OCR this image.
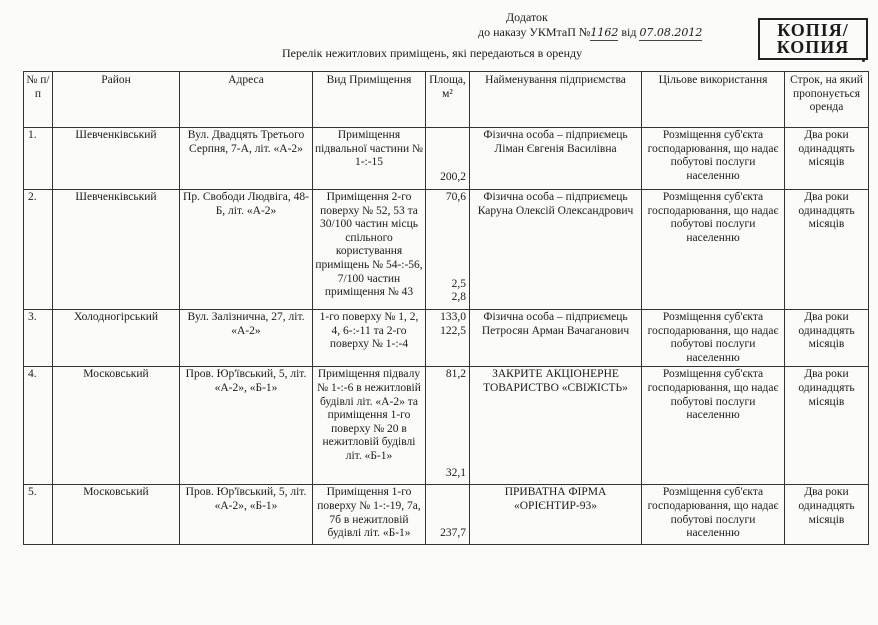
Додаток
до наказу УКМтаП №1162 від 07.08.2012	КОПІЯ/
КОПИЯ
Перелік нежитлових приміщень, які передаються в оренду
№ п/п	Район	Адреса	Вид Приміщення	Площа, м²	Найменування підприємства	Цільове використання	Строк, на який пропонується оренда
1.	Шевченківський	Вул. Двадцять Третього Серпня, 7-А, літ. «А-2»	Приміщення підвальної частини № 1-:-15	200,2	Фізична особа – підприємець Ліман Євгенія Василівна	Розміщення суб'єкта господарювання, що надає побутові послуги населенню	Два роки одинадцять місяців
2.	Шевченківський	Пр. Свободи Людвіга, 48-Б, літ. «А-2»	Приміщення 2-го поверху № 52, 53 та 30/100 частин місць спільного користування приміщень № 54-:-56, 7/100 частин приміщення № 43	70,6
2,5
2,8	Фізична особа – підприємець Каруна Олексій Олександрович	Розміщення суб'єкта господарювання, що надає побутові послуги населенню	Два роки одинадцять місяців
3.	Холодногірський	Вул. Залізнична, 27, літ. «А-2»	1-го поверху № 1, 2, 4, 6-:-11 та 2-го поверху № 1-:-4	133,0
122,5	Фізична особа – підприємець Петросян Арман Вачаганович	Розміщення суб'єкта господарювання, що надає побутові послуги населенню	Два роки одинадцять місяців
4.	Московський	Пров. Юр'ївський, 5, літ. «А-2», «Б-1»	Приміщення підвалу № 1-:-6 в нежитловій будівлі літ. «А-2» та приміщення 1-го поверху № 20 в нежитловій будівлі літ. «Б-1»	81,2
32,1	ЗАКРИТЕ АКЦІОНЕРНЕ ТОВАРИСТВО «СВІЖІСТЬ»	Розміщення суб'єкта господарювання, що надає побутові послуги населенню	Два роки одинадцять місяців
5.	Московський	Пров. Юр'ївський, 5, літ. «А-2», «Б-1»	Приміщення 1-го поверху № 1-:-19, 7а, 7б в нежитловій будівлі літ. «Б-1»	237,7	ПРИВАТНА ФІРМА «ОРІЄНТИР-93»	Розміщення суб'єкта господарювання, що надає побутові послуги населенню	Два роки одинадцять місяців
